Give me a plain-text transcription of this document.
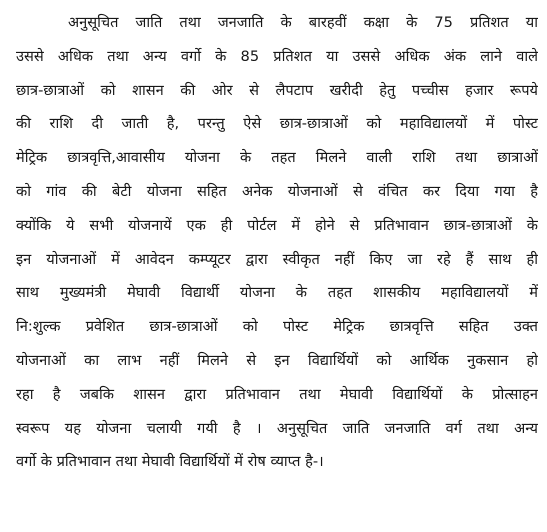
अनुसूचित जाति तथा जनजाति के बारहवीं कक्षा के 75 प्रतिशत या
उससे अधिक तथा अन्य वर्गो के 85 प्रतिशत या उससे अधिक अंक लाने वाले
छात्र-छात्राओं को शासन की ओर से लैपटाप खरीदी हेतु पच्चीस हजार रूपये
की राशि दी जाती है, परन्तु ऐसे छात्र-छात्राओं को महाविद्यालयों में पोस्ट
मेट्रिक छात्रवृत्ति,आवासीय योजना के तहत मिलने वाली राशि तथा छात्राओं
को गांव की बेटी योजना सहित अनेक योजनाओं से वंचित कर दिया गया है
क्योंकि ये सभी योजनायें एक ही पोर्टल में होने से प्रतिभावान छात्र-छात्राओं के
इन योजनाओं में आवेदन कम्प्यूटर द्वारा स्वीकृत नहीं किए जा रहे हैं साथ ही
साथ मुख्यमंत्री मेघावी विद्यार्थी योजना के तहत शासकीय महाविद्यालयों में
नि:शुल्क प्रवेशित छात्र-छात्राओं को पोस्ट मेट्रिक छात्रवृत्ति सहित उक्त
योजनाओं का लाभ नहीं मिलने से इन विद्यार्थियों को आर्थिक नुकसान हो
रहा है जबकि शासन द्वारा प्रतिभावान तथा मेघावी विद्यार्थियों के प्रोत्साहन
स्वरूप यह योजना चलायी गयी है । अनुसूचित जाति जनजाति वर्ग तथा अन्य
वर्गो के प्रतिभावान तथा मेघावी विद्यार्थियों में रोष व्याप्त है-।
